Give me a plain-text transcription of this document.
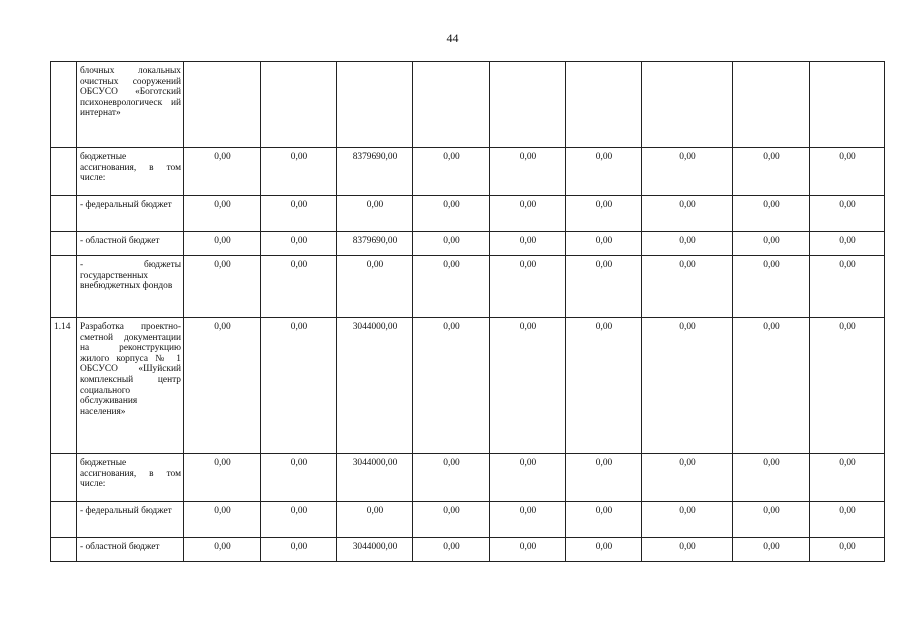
44
	блочных локальных очистных сооружений ОБСУСО «Боготский психоневрологическ ий интернат»									
	бюджетные ассигнования, в том числе:	0,00	0,00	8379690,00	0,00	0,00	0,00	0,00	0,00	0,00
	- федеральный бюджет	0,00	0,00	0,00	0,00	0,00	0,00	0,00	0,00	0,00
	- областной бюджет	0,00	0,00	8379690,00	0,00	0,00	0,00	0,00	0,00	0,00
	- бюджеты государственных внебюджетных фондов	0,00	0,00	0,00	0,00	0,00	0,00	0,00	0,00	0,00
1.14	Разработка проектно-сметной документации на реконструкцию жилого корпуса № 1 ОБСУСО «Шуйский комплексный центр социального обслуживания населения»	0,00	0,00	3044000,00	0,00	0,00	0,00	0,00	0,00	0,00
	бюджетные ассигнования, в том числе:	0,00	0,00	3044000,00	0,00	0,00	0,00	0,00	0,00	0,00
	- федеральный бюджет	0,00	0,00	0,00	0,00	0,00	0,00	0,00	0,00	0,00
	- областной бюджет	0,00	0,00	3044000,00	0,00	0,00	0,00	0,00	0,00	0,00
